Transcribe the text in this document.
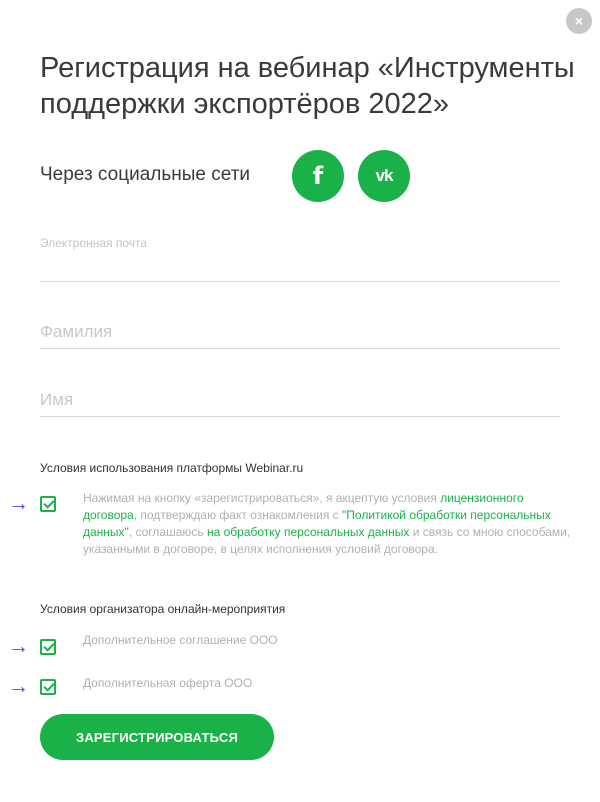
×
Регистрация на вебинар «Инструменты поддержки экспортёров 2022»
Через социальные сети	f	vk
Электронная почта
Фамилия
Имя
Условия использования платформы Webinar.ru
→	Нажимая на кнопку «зарегистрироваться», я акцептую условия лицензионного договора, подтверждаю факт ознакомления с "Политикой обработки персональных данных", соглашаюсь на обработку персональных данных и связь со мною способами, указанными в договоре, в целях исполнения условий договора.
Условия организатора онлайн-мероприятия
→	Дополнительное соглашение ООО
→	Дополнительная оферта ООО
ЗАРЕГИСТРИРОВАТЬСЯ
